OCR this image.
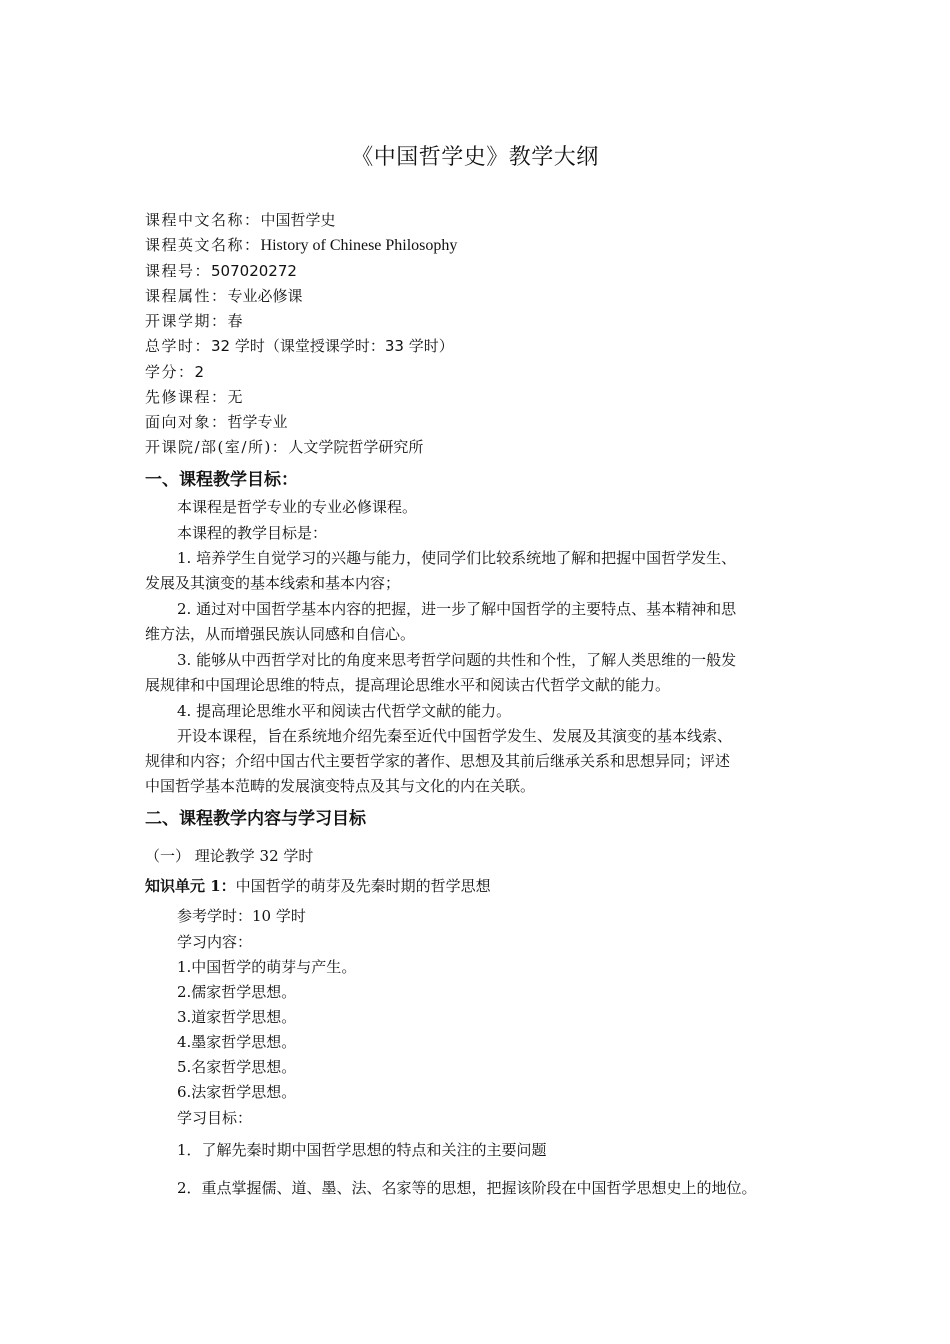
《中国哲学史》教学大纲
课程中文名称：中国哲学史
课程英文名称：History of Chinese Philosophy
课程号：507020272
课程属性：专业必修课
开课学期：春
总学时：32 学时（课堂授课学时：33 学时）
学分：2
先修课程：无
面向对象：哲学专业
开课院/部(室/所)：人文学院哲学研究所
一、课程教学目标：
本课程是哲学专业的专业必修课程。
本课程的教学目标是：
1. 培养学生自觉学习的兴趣与能力，使同学们比较系统地了解和把握中国哲学发生、
发展及其演变的基本线索和基本内容；
2. 通过对中国哲学基本内容的把握，进一步了解中国哲学的主要特点、基本精神和思
维方法，从而增强民族认同感和自信心。
3. 能够从中西哲学对比的角度来思考哲学问题的共性和个性，了解人类思维的一般发
展规律和中国理论思维的特点，提高理论思维水平和阅读古代哲学文献的能力。
4. 提高理论思维水平和阅读古代哲学文献的能力。
开设本课程，旨在系统地介绍先秦至近代中国哲学发生、发展及其演变的基本线索、
规律和内容；介绍中国古代主要哲学家的著作、思想及其前后继承关系和思想异同；评述
中国哲学基本范畴的发展演变特点及其与文化的内在关联。
二、课程教学内容与学习目标
（一） 理论教学 32 学时
知识单元 1：中国哲学的萌芽及先秦时期的哲学思想
参考学时：10 学时
学习内容：
1.中国哲学的萌芽与产生。
2.儒家哲学思想。
3.道家哲学思想。
4.墨家哲学思想。
5.名家哲学思想。
6.法家哲学思想。
学习目标：
1．了解先秦时期中国哲学思想的特点和关注的主要问题
2．重点掌握儒、道、墨、法、名家等的思想，把握该阶段在中国哲学思想史上的地位。
